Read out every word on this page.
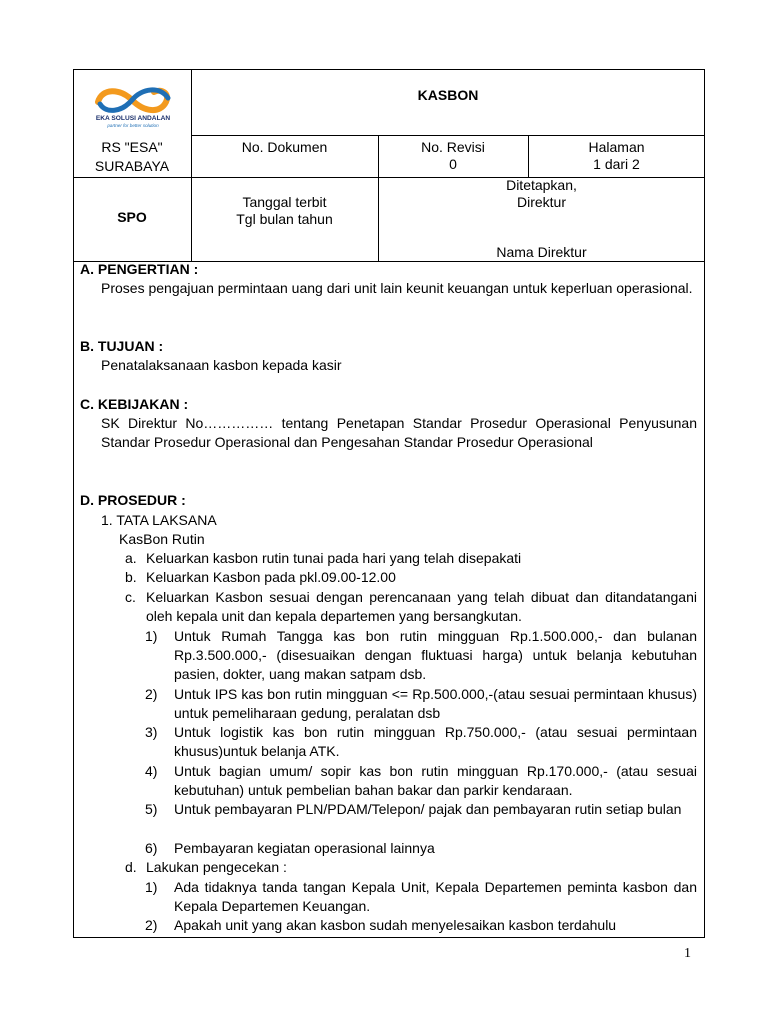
EKA SOLUSI ANDALAN
partner for better solution
KASBON
RS "ESA"
SURABAYA
No. Dokumen	No. Revisi
0
Halaman
1 dari 2
SPO
Tanggal terbit
Tgl bulan tahun
Ditetapkan,
Direktur
Nama Direktur
A. PENGERTIAN :
Proses pengajuan permintaan uang dari unit lain keunit keuangan untuk keperluan operasional.
B. TUJUAN :
Penatalaksanaan kasbon kepada kasir
C. KEBIJAKAN :
SK Direktur No…………… tentang Penetapan Standar Prosedur Operasional Penyusunan Standar Prosedur Operasional dan Pengesahan Standar Prosedur Operasional
D. PROSEDUR :
1. TATA LAKSANA
KasBon Rutin
a. Keluarkan kasbon rutin tunai pada hari yang telah disepakati
b. Keluarkan Kasbon pada pkl.09.00-12.00
c. Keluarkan Kasbon sesuai dengan perencanaan yang telah dibuat dan ditandatangani oleh kepala unit dan kepala departemen yang bersangkutan.
1) Untuk Rumah Tangga kas bon rutin mingguan Rp.1.500.000,- dan bulanan Rp.3.500.000,- (disesuaikan dengan fluktuasi harga) untuk belanja kebutuhan pasien, dokter, uang makan satpam dsb.
2) Untuk IPS kas bon rutin mingguan <= Rp.500.000,-(atau sesuai permintaan khusus) untuk pemeliharaan gedung, peralatan dsb
3) Untuk logistik kas bon rutin mingguan Rp.750.000,- (atau sesuai permintaan khusus)untuk belanja ATK.
4) Untuk bagian umum/ sopir kas bon rutin mingguan Rp.170.000,- (atau sesuai kebutuhan) untuk pembelian bahan bakar dan parkir kendaraan.
5) Untuk pembayaran PLN/PDAM/Telepon/ pajak dan pembayaran rutin setiap bulan
6) Pembayaran kegiatan operasional lainnya
d. Lakukan pengecekan :
1) Ada tidaknya tanda tangan Kepala Unit, Kepala Departemen peminta kasbon dan Kepala Departemen Keuangan.
2) Apakah unit yang akan kasbon sudah menyelesaikan kasbon terdahulu
1
